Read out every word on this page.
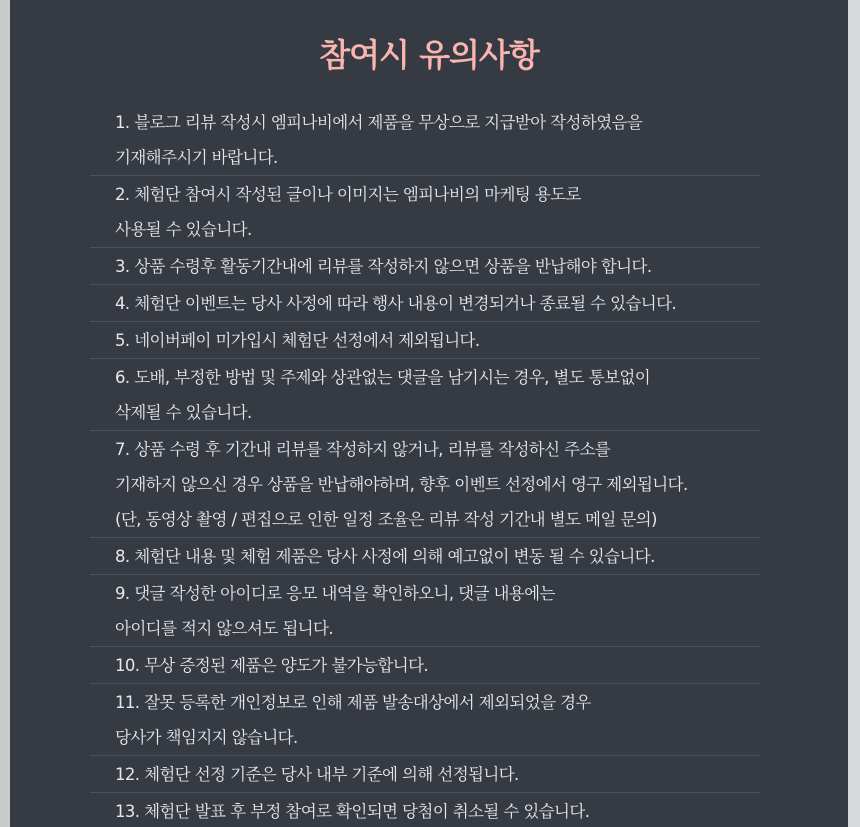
참여시 유의사항
1. 블로그 리뷰 작성시 엠피나비에서 제품을 무상으로 지급받아 작성하였음을
기재해주시기 바랍니다.
2. 체험단 참여시 작성된 글이나 이미지는 엠피나비의 마케팅 용도로
사용될 수 있습니다.
3. 상품 수령후 활동기간내에 리뷰를 작성하지 않으면 상품을 반납해야 합니다.
4. 체험단 이벤트는 당사 사정에 따라 행사 내용이 변경되거나 종료될 수 있습니다.
5. 네이버페이 미가입시 체험단 선정에서 제외됩니다.
6. 도배, 부정한 방법 및 주제와 상관없는 댓글을 남기시는 경우, 별도 통보없이
삭제될 수 있습니다.
7. 상품 수령 후 기간내 리뷰를 작성하지 않거나, 리뷰를 작성하신 주소를
기재하지 않으신 경우 상품을 반납해야하며, 향후 이벤트 선정에서 영구 제외됩니다.
(단, 동영상 촬영 / 편집으로 인한 일정 조율은 리뷰 작성 기간내 별도 메일 문의)
8. 체험단 내용 및 체험 제품은 당사 사정에 의해 예고없이 변동 될 수 있습니다.
9. 댓글 작성한 아이디로 응모 내역을 확인하오니, 댓글 내용에는
아이디를 적지 않으셔도 됩니다.
10. 무상 증정된 제품은 양도가 불가능합니다.
11. 잘못 등록한 개인정보로 인해 제품 발송대상에서 제외되었을 경우
당사가 책임지지 않습니다.
12. 체험단 선정 기준은 당사 내부 기준에 의해 선정됩니다.
13. 체험단 발표 후 부정 참여로 확인되면 당첨이 취소될 수 있습니다.
